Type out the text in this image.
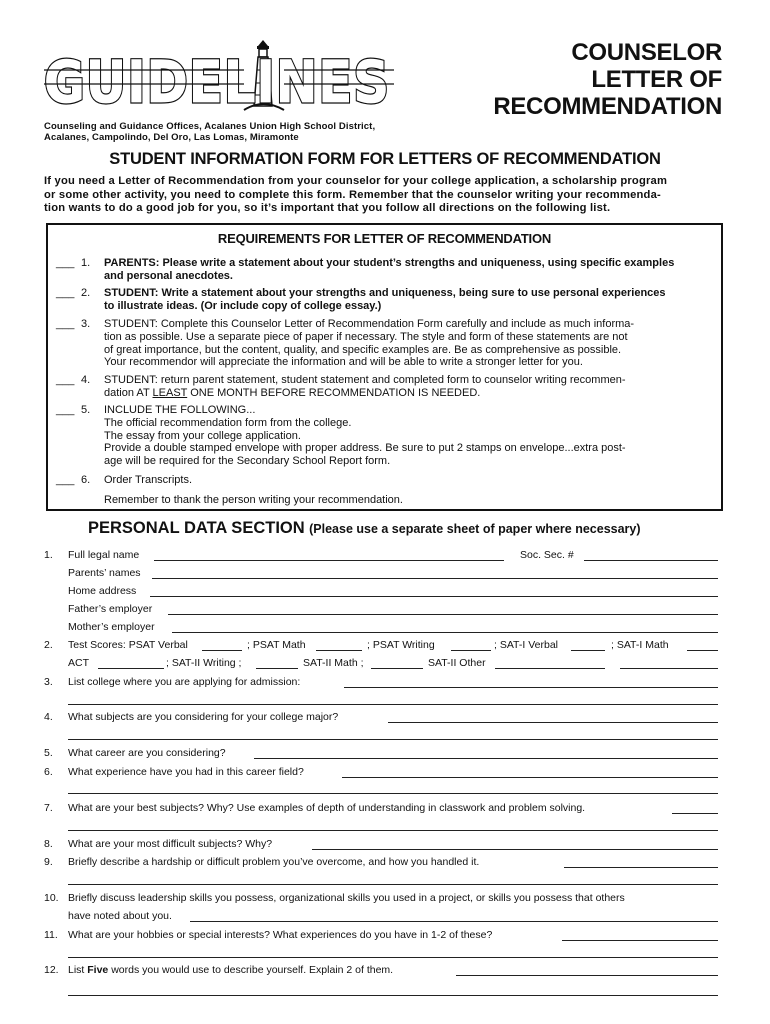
GUIDELINES
GUIDELINES
Counseling and Guidance Offices, Acalanes Union High School District,
Acalanes, Campolindo, Del Oro, Las Lomas, Miramonte
COUNSELOR
LETTER OF
RECOMMENDATION
STUDENT INFORMATION FORM FOR LETTERS OF RECOMMENDATION
If you need a Letter of Recommendation from your counselor for your college application, a scholarship program
or some other activity, you need to complete this form. Remember that the counselor writing your recommenda-
tion wants to do a good job for you, so it’s important that you follow all directions on the following list.
REQUIREMENTS FOR LETTER OF RECOMMENDATION
___ 1. PARENTS: Please write a statement about your student’s strengths and uniqueness, using specific examples
and personal anecdotes.
___ 2. STUDENT: Write a statement about your strengths and uniqueness, being sure to use personal experiences
to illustrate ideas. (Or include copy of college essay.)
___ 3. STUDENT: Complete this Counselor Letter of Recommendation Form carefully and include as much informa-
tion as possible. Use a separate piece of paper if necessary. The style and form of these statements are not
of great importance, but the content, quality, and specific examples are. Be as comprehensive as possible.
Your recommendor will appreciate the information and will be able to write a stronger letter for you.
___ 4. STUDENT: return parent statement, student statement and completed form to counselor writing recommen-
dation AT LEAST ONE MONTH BEFORE RECOMMENDATION IS NEEDED.
___ 5. INCLUDE THE FOLLOWING...
The official recommendation form from the college.
The essay from your college application.
Provide a double stamped envelope with proper address. Be sure to put 2 stamps on envelope...extra post-
age will be required for the Secondary School Report form.
___ 6. Order Transcripts.
Remember to thank the person writing your recommendation.
PERSONAL DATA SECTION (Please use a separate sheet of paper where necessary)
1. Full legal name	Soc. Sec. #
Parents’ names
Home address
Father’s employer
Mother’s employer
2. Test Scores: PSAT Verbal	; PSAT Math	; PSAT Writing	; SAT-I Verbal	; SAT-I Math
ACT	; SAT-II Writing ;	SAT-II Math ;	SAT-II Other
3. List college where you are applying for admission:
4. What subjects are you considering for your college major?
5. What career are you considering?
6. What experience have you had in this career field?
7. What are your best subjects? Why? Use examples of depth of understanding in classwork and problem solving.
8. What are your most difficult subjects? Why?
9. Briefly describe a hardship or difficult problem you’ve overcome, and how you handled it.
10. Briefly discuss leadership skills you possess, organizational skills you used in a project, or skills you possess that others
have noted about you.
11. What are your hobbies or special interests? What experiences do you have in 1-2 of these?
12. List Five words you would use to describe yourself. Explain 2 of them.
